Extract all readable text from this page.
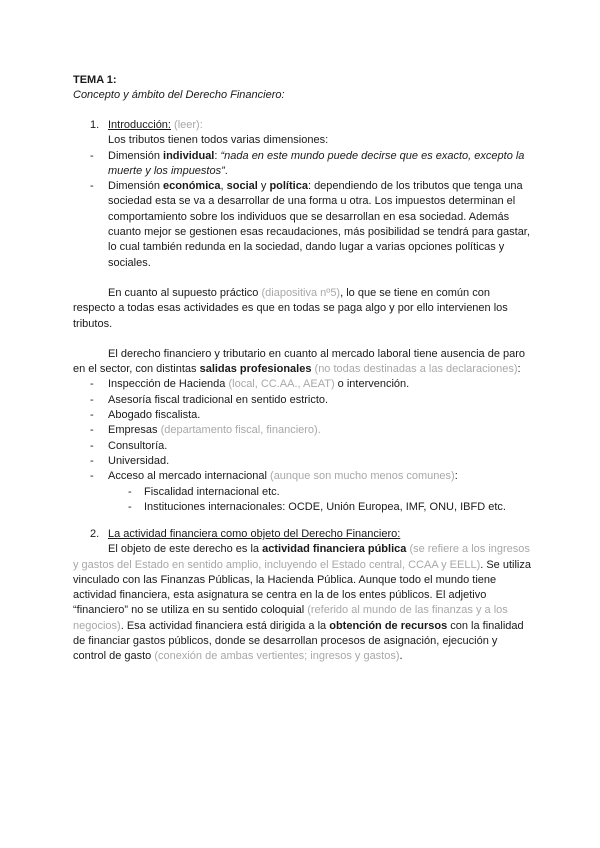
TEMA 1:
Concepto y ámbito del Derecho Financiero:
1. Introducción: (leer):
Los tributos tienen todos varias dimensiones:
- Dimensión individual: “nada en este mundo puede decirse que es exacto, excepto la muerte y los impuestos”.
- Dimensión económica, social y política: dependiendo de los tributos que tenga una sociedad esta se va a desarrollar de una forma u otra. Los impuestos determinan el comportamiento sobre los individuos que se desarrollan en esa sociedad. Además cuanto mejor se gestionen esas recaudaciones, más posibilidad se tendrá para gastar, lo cual también redunda en la sociedad, dando lugar a varias opciones políticas y sociales.

En cuanto al supuesto práctico (diapositiva nº5), lo que se tiene en común con respecto a todas esas actividades es que en todas se paga algo y por ello intervienen los tributos.

El derecho financiero y tributario en cuanto al mercado laboral tiene ausencia de paro en el sector, con distintas salidas profesionales (no todas destinadas a las declaraciones):

- Inspección de Hacienda (local, CC.AA., AEAT) o intervención.
- Asesoría fiscal tradicional en sentido estricto.
- Abogado fiscalista.
- Empresas (departamento fiscal, financiero).
- Consultoría.
- Universidad.
- Acceso al mercado internacional (aunque son mucho menos comunes):
- Fiscalidad internacional etc.
- Instituciones internacionales: OCDE, Unión Europea, IMF, ONU, IBFD etc.
2. La actividad financiera como objeto del Derecho Financiero:

El objeto de este derecho es la actividad financiera pública (se refiere a los ingresos y gastos del Estado en sentido amplio, incluyendo el Estado central, CCAA y EELL). Se utiliza vinculado con las Finanzas Públicas, la Hacienda Pública. Aunque todo el mundo tiene actividad financiera, esta asignatura se centra en la de los entes públicos. El adjetivo “financiero” no se utiliza en su sentido coloquial (referido al mundo de las finanzas y a los negocios). Esa actividad financiera está dirigida a la obtención de recursos con la finalidad de financiar gastos públicos, donde se desarrollan procesos de asignación, ejecución y control de gasto (conexión de ambas vertientes; ingresos y gastos).
